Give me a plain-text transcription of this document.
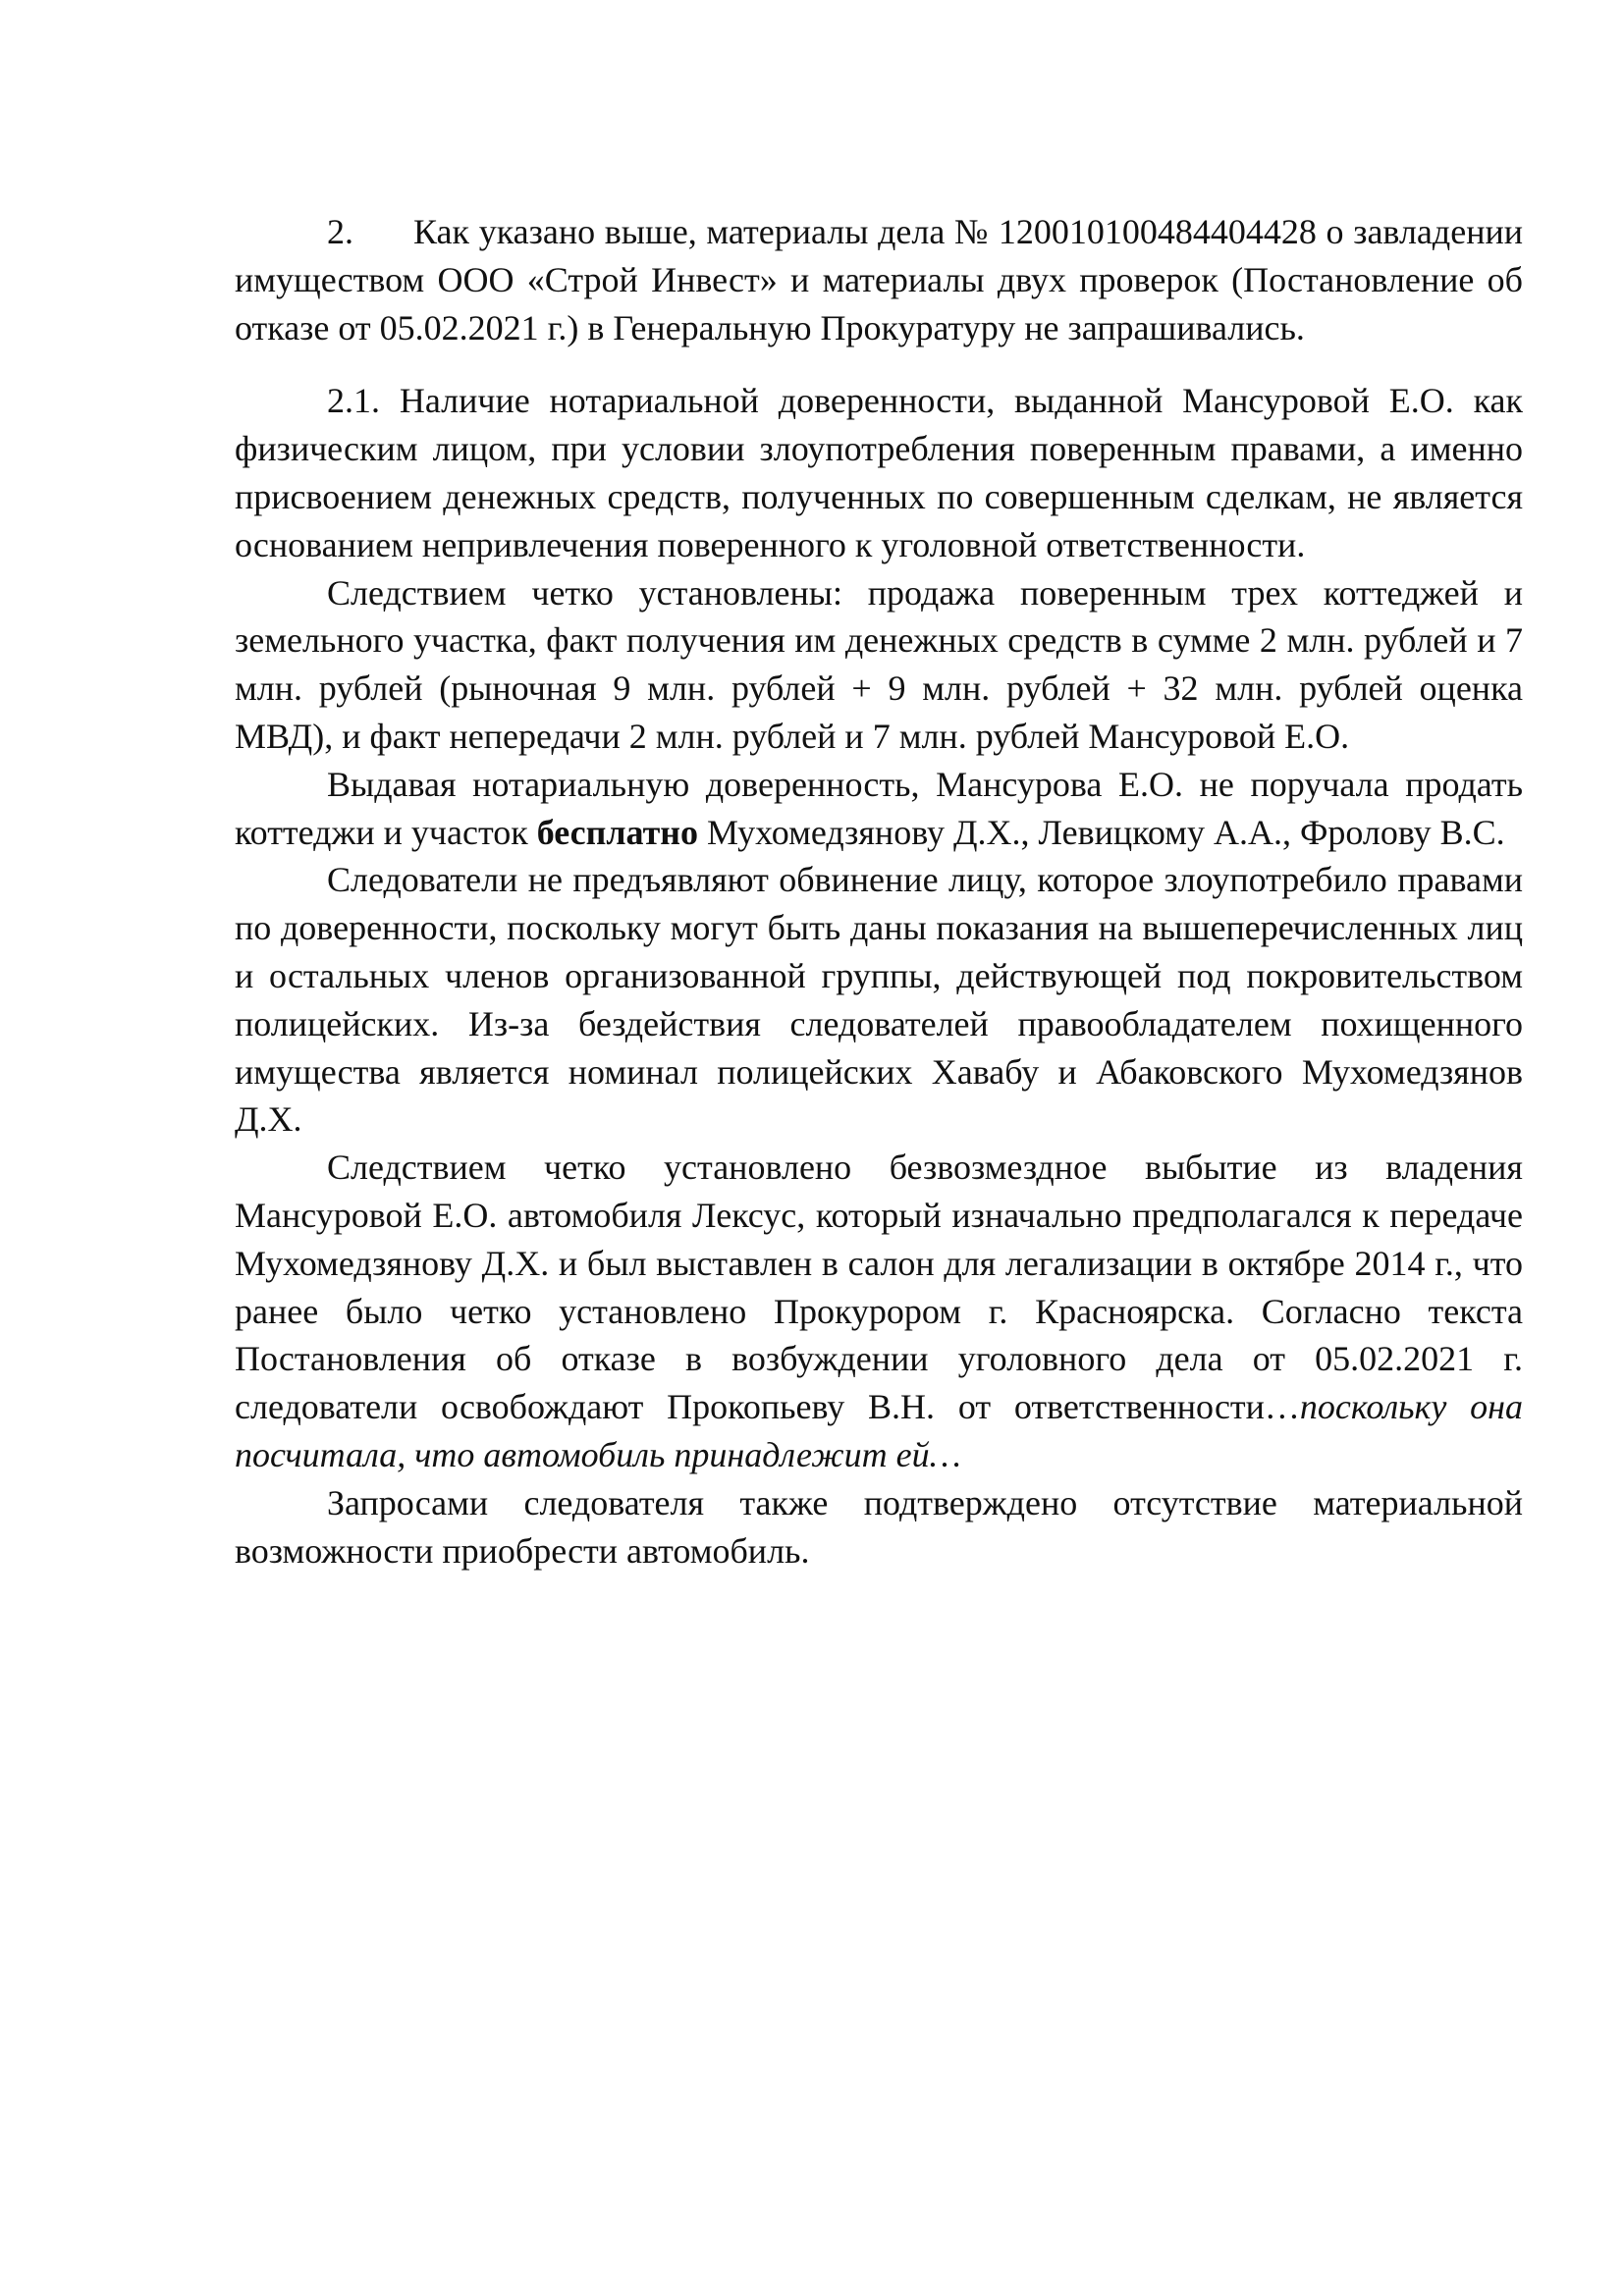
2. Как указано выше, материалы дела № 12001010048440442​8 о завладении имуществом ООО «Строй Инвест» и материалы двух проверок (Постановление об отказе от 05.02.2021 г.) в Генеральную Прокуратуру не запрашивались.

2.1. Наличие нотариальной доверенности, выданной Мансуровой Е.О. как физическим лицом, при условии злоупотребления поверенным правами, а именно присвоением денежных средств, полученных по совершенным сделкам, не является основанием непривлечения поверенного к уголовной ответственности.

Следствием четко установлены: продажа поверенным трех коттеджей и земельного участка, факт получения им денежных средств в сумме 2 млн. рублей и 7 млн. рублей (рыночная 9 млн. рублей + 9 млн. рублей + 32 млн. рублей оценка МВД), и факт непередачи 2 млн. рублей и 7 млн. рублей Мансуровой Е.О.

Выдавая нотариальную доверенность, Мансурова Е.О. не поручала продать коттеджи и участок бесплатно Мухомедзянову Д.Х., Левицкому А.А., Фролову В.С.

Следователи не предъявляют обвинение лицу, которое злоупотребило правами по доверенности, поскольку могут быть даны показания на вышеперечисленных лиц и остальных членов организованной группы, действующей под покровительством полицейских. Из-за бездействия следователей правообладателем похищенного имущества является номинал полицейских Хавабу и Абаковского Мухомедзянов Д.Х.

Следствием четко установлено безвозмездное выбытие из владения Мансуровой Е.О. автомобиля Лексус, который изначально предполагался к передаче Мухомедзянову Д.Х. и был выставлен в салон для легализации в октябре 2014 г., что ранее было четко установлено Прокурором г. Красноярска. Согласно текста Постановления об отказе в возбуждении уголовного дела от 05.02.2021 г. следователи освобождают Прокопьеву В.Н. от ответственности…поскольку она посчитала, что автомобиль принадлежит ей…

Запросами следователя также подтверждено отсутствие материальной возможности приобрести автомобиль.
